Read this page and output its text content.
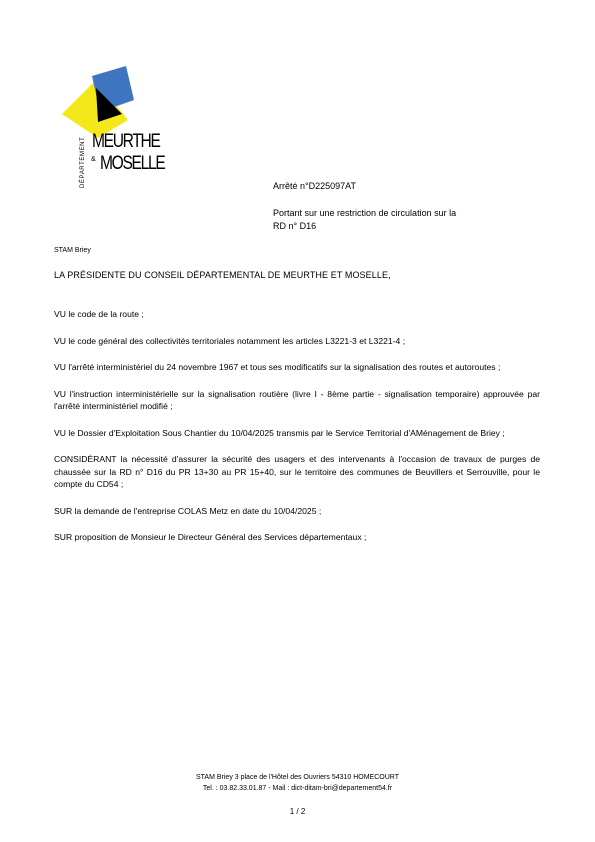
DÉPARTEMENT MEURTHE
& MOSELLE
Arrêté n°D225097AT
Portant sur une restriction de circulation sur la
RD n° D16
STAM Briey
LA PRÉSIDENTE DU CONSEIL DÉPARTEMENTAL DE MEURTHE ET MOSELLE,

VU le code de la route ;

VU le code général des collectivités territoriales notamment les articles L3221-3 et L3221-4 ;

VU l'arrêté interministériel du 24 novembre 1967 et tous ses modificatifs sur la signalisation des routes et autoroutes ;

VU l'instruction interministérielle sur la signalisation routière (livre I - 8ème partie - signalisation temporaire) approuvée par l'arrêté interministériel modifié ;

VU le Dossier d'Exploitation Sous Chantier du 10/04/2025 transmis par le Service Territorial d'AMénagement de Briey ;

CONSIDÉRANT la nécessité d'assurer la sécurité des usagers et des intervenants à l'occasion de travaux de purges de chaussée sur la RD n° D16 du PR 13+30 au PR 15+40, sur le territoire des communes de Beuvillers et Serrouville, pour le compte du CD54 ;

SUR la demande de l'entreprise COLAS Metz en date du 10/04/2025 ;

SUR proposition de Monsieur le Directeur Général des Services départementaux ;

STAM Briey 3 place de l'Hôtel des Ouvriers 54310 HOMECOURT
Tel. : 03.82.33.01.87 - Mail : dict-ditam-bri@departement54.fr
1 / 2
